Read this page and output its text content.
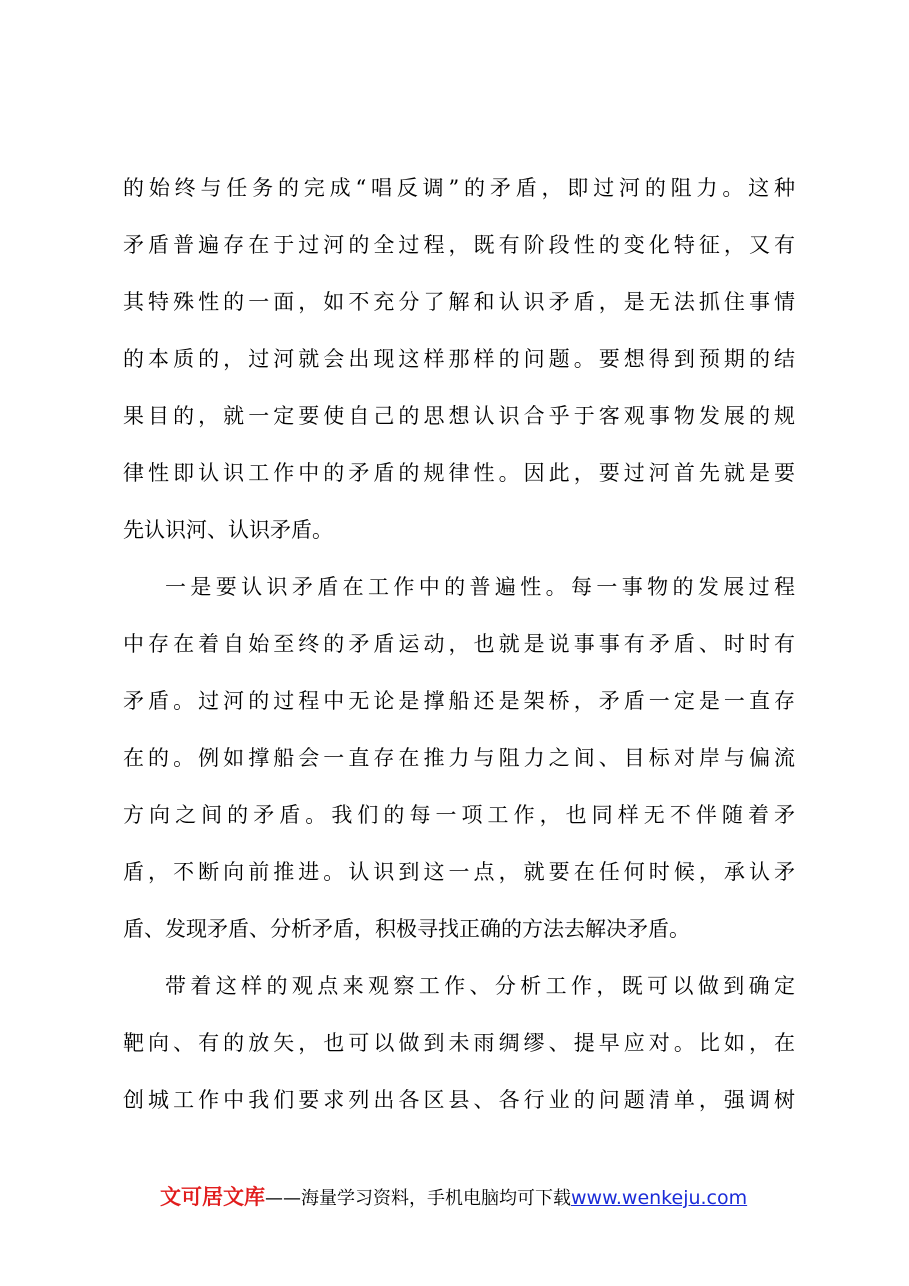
的始终与任务的完成“唱反调”的矛盾，即过河的阻力。这种
矛盾普遍存在于过河的全过程，既有阶段性的变化特征，又有
其特殊性的一面，如不充分了解和认识矛盾，是无法抓住事情
的本质的，过河就会出现这样那样的问题。要想得到预期的结
果目的，就一定要使自己的思想认识合乎于客观事物发展的规
律性即认识工作中的矛盾的规律性。因此，要过河首先就是要
先认识河、认识矛盾。
一是要认识矛盾在工作中的普遍性。每一事物的发展过程
中存在着自始至终的矛盾运动，也就是说事事有矛盾、时时有
矛盾。过河的过程中无论是撑船还是架桥，矛盾一定是一直存
在的。例如撑船会一直存在推力与阻力之间、目标对岸与偏流
方向之间的矛盾。我们的每一项工作，也同样无不伴随着矛
盾，不断向前推进。认识到这一点，就要在任何时候，承认矛
盾、发现矛盾、分析矛盾，积极寻找正确的方法去解决矛盾。
带着这样的观点来观察工作、分析工作，既可以做到确定
靶向、有的放矢，也可以做到未雨绸缪、提早应对。比如，在
创城工作中我们要求列出各区县、各行业的问题清单，强调树
文可居文库——海量学习资料，手机电脑均可下载www.wenkeju.com
